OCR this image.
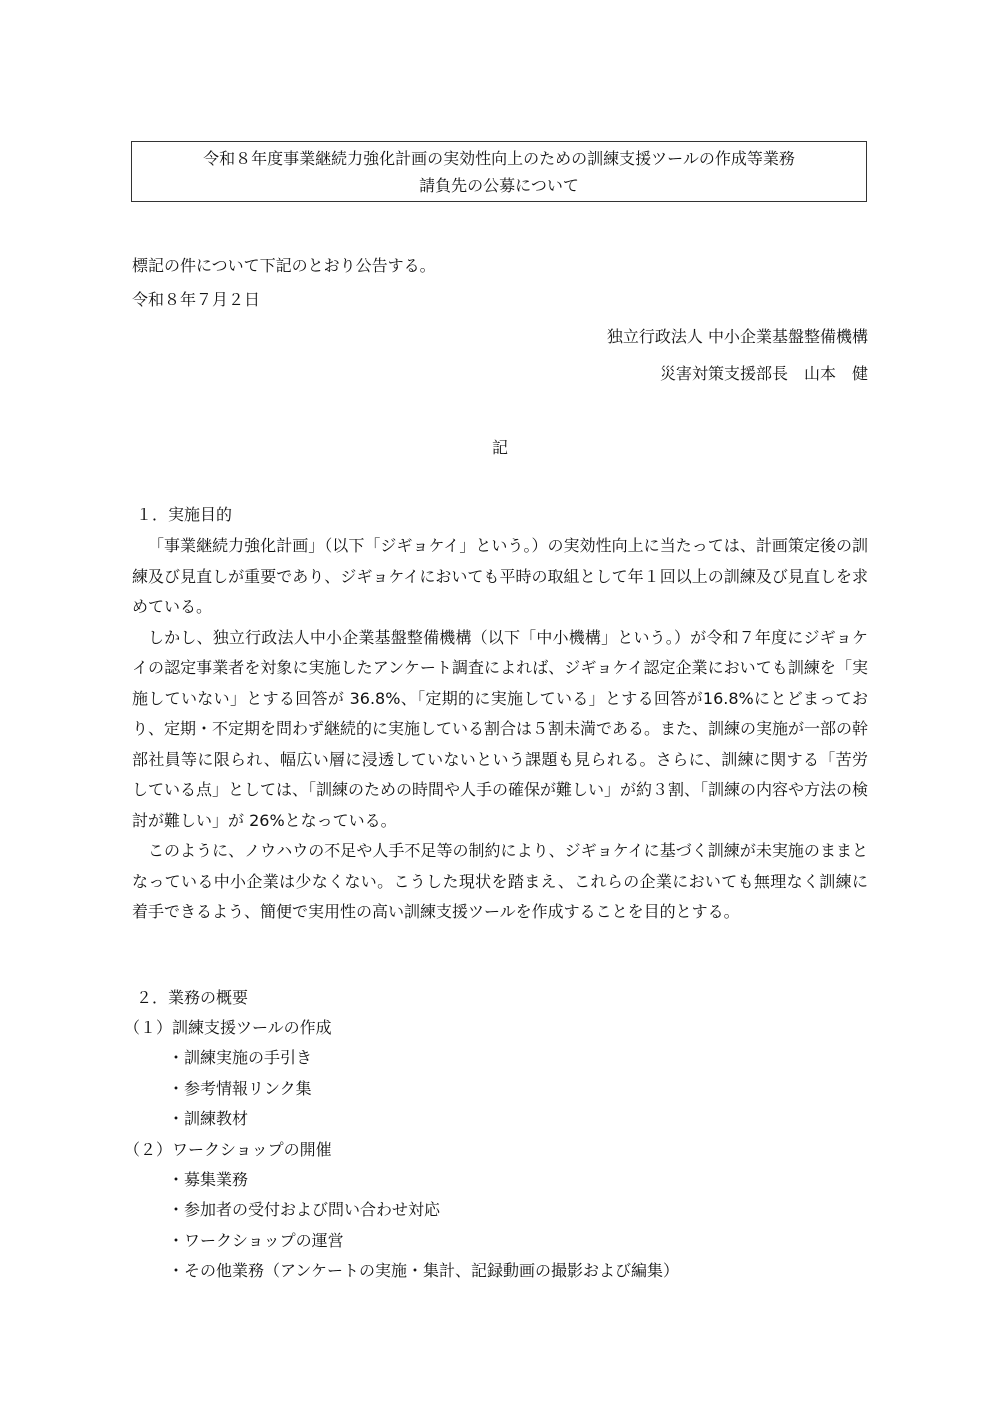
令和８年度事業継続力強化計画の実効性向上のための訓練支援ツールの作成等業務
請負先の公募について
標記の件について下記のとおり公告する。
令和８年７月２日
独立行政法人 中小企業基盤整備機構
災害対策支援部長　山本　健
記
１．実施目的

「事業継続力強化計画」（以下「ジギョケイ」という。）の実効性向上に当たっては、計画策定後の訓練及び見直しが重要であり、ジギョケイにおいても平時の取組として年１回以上の訓練及び見直しを求めている。

しかし、独立行政法人中小企業基盤整備機構（以下「中小機構」という。）が令和７年度にジギョケイの認定事業者を対象に実施したアンケート調査によれば、ジギョケイ認定企業においても訓練を「実施していない」とする回答が 36.8%、「定期的に実施している」とする回答が16.8%にとどまっており、定期・不定期を問わず継続的に実施している割合は５割未満である。また、訓練の実施が一部の幹部社員等に限られ、幅広い層に浸透していないという課題も見られる。さらに、訓練に関する「苦労している点」としては、「訓練のための時間や人手の確保が難しい」が約３割、「訓練の内容や方法の検討が難しい」が 26%となっている。

このように、ノウハウの不足や人手不足等の制約により、ジギョケイに基づく訓練が未実施のままとなっている中小企業は少なくない。こうした現状を踏まえ、これらの企業においても無理なく訓練に着手できるよう、簡便で実用性の高い訓練支援ツールを作成することを目的とする。

２．業務の概要
（１）訓練支援ツールの作成
・訓練実施の手引き
・参考情報リンク集
・訓練教材
（２）ワークショップの開催
・募集業務
・参加者の受付および問い合わせ対応
・ワークショップの運営
・その他業務（アンケートの実施・集計、記録動画の撮影および編集）
